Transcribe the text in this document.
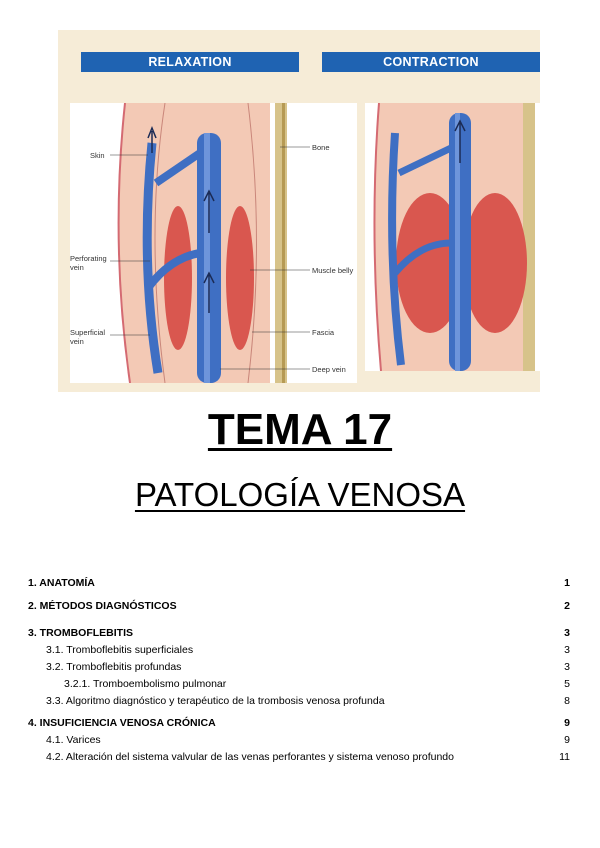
RELAXATION	CONTRACTION
Skin
Perforating vein
Superficial vein
Bone
Muscle belly
Fascia
Deep vein
TEMA 17
PATOLOGÍA VENOSA
1. ANATOMÍA	1
2. MÉTODOS DIAGNÓSTICOS	2
3. TROMBOFLEBITIS	3
3.1. Tromboflebitis superficiales	3
3.2. Tromboflebitis profundas	3
3.2.1. Tromboembolismo pulmonar	5
3.3. Algoritmo diagnóstico y terapéutico de la trombosis venosa profunda	8
4. INSUFICIENCIA VENOSA CRÓNICA	9
4.1. Varices	9
4.2. Alteración del sistema valvular de las venas perforantes y sistema venoso profundo	11
